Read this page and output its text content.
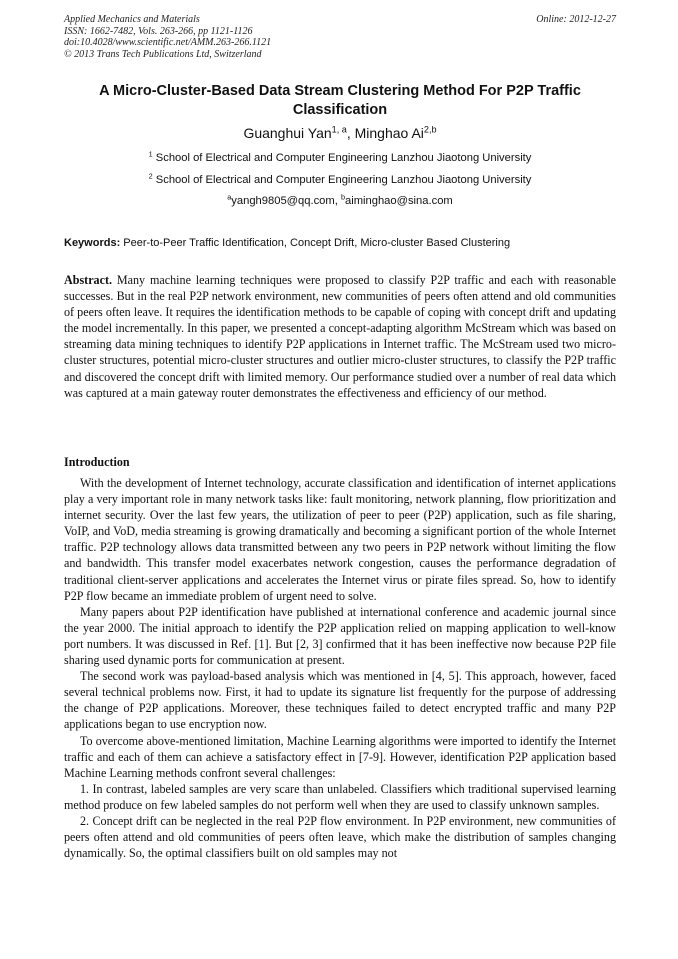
Applied Mechanics and Materials
ISSN: 1662-7482, Vols. 263-266, pp 1121-1126
doi:10.4028/www.scientific.net/AMM.263-266.1121
© 2013 Trans Tech Publications Ltd, Switzerland
Online: 2012-12-27
A Micro-Cluster-Based Data Stream Clustering Method For P2P Traffic Classification
Guanghui Yan$^{1, a}$, Minghao Ai$^{2,b}$
$^1$ School of Electrical and Computer Engineering Lanzhou Jiaotong University
$^2$ School of Electrical and Computer Engineering Lanzhou Jiaotong University
$^a$yangh9805@qq.com, $^b$aiminghao@sina.com
Keywords: Peer-to-Peer Traffic Identification, Concept Drift, Micro-cluster Based Clustering
Abstract. Many machine learning techniques were proposed to classify P2P traffic and each with reasonable successes. But in the real P2P network environment, new communities of peers often attend and old communities of peers often leave. It requires the identification methods to be capable of coping with concept drift and updating the model incrementally. In this paper, we presented a concept-adapting algorithm McStream which was based on streaming data mining techniques to identify P2P applications in Internet traffic. The McStream used two micro-cluster structures, potential micro-cluster structures and outlier micro-cluster structures, to classify the P2P traffic and discovered the concept drift with limited memory. Our performance studied over a number of real data which was captured at a main gateway router demonstrates the effectiveness and efficiency of our method.
Introduction

With the development of Internet technology, accurate classification and identification of internet applications play a very important role in many network tasks like: fault monitoring, network planning, flow prioritization and internet security. Over the last few years, the utilization of peer to peer (P2P) application, such as file sharing, VoIP, and VoD, media streaming is growing dramatically and becoming a significant portion of the whole Internet traffic. P2P technology allows data transmitted between any two peers in P2P network without limiting the flow and bandwidth. This transfer model exacerbates network congestion, causes the performance degradation of traditional client-server applications and accelerates the Internet virus or pirate files spread. So, how to identify P2P flow became an immediate problem of urgent need to solve.

Many papers about P2P identification have published at international conference and academic journal since the year 2000. The initial approach to identify the P2P application relied on mapping application to well-know port numbers. It was discussed in Ref. [1]. But [2, 3] confirmed that it has been ineffective now because P2P file sharing used dynamic ports for communication at present.

The second work was payload-based analysis which was mentioned in [4, 5]. This approach, however, faced several technical problems now. First, it had to update its signature list frequently for the purpose of addressing the change of P2P applications. Moreover, these techniques failed to detect encrypted traffic and many P2P applications began to use encryption now.

To overcome above-mentioned limitation, Machine Learning algorithms were imported to identify the Internet traffic and each of them can achieve a satisfactory effect in [7-9]. However, identification P2P application based Machine Learning methods confront several challenges:

1. In contrast, labeled samples are very scare than unlabeled. Classifiers which traditional supervised learning method produce on few labeled samples do not perform well when they are used to classify unknown samples.

2. Concept drift can be neglected in the real P2P flow environment. In P2P environment, new communities of peers often attend and old communities of peers often leave, which make the distribution of samples changing dynamically. So, the optimal classifiers built on old samples may not
